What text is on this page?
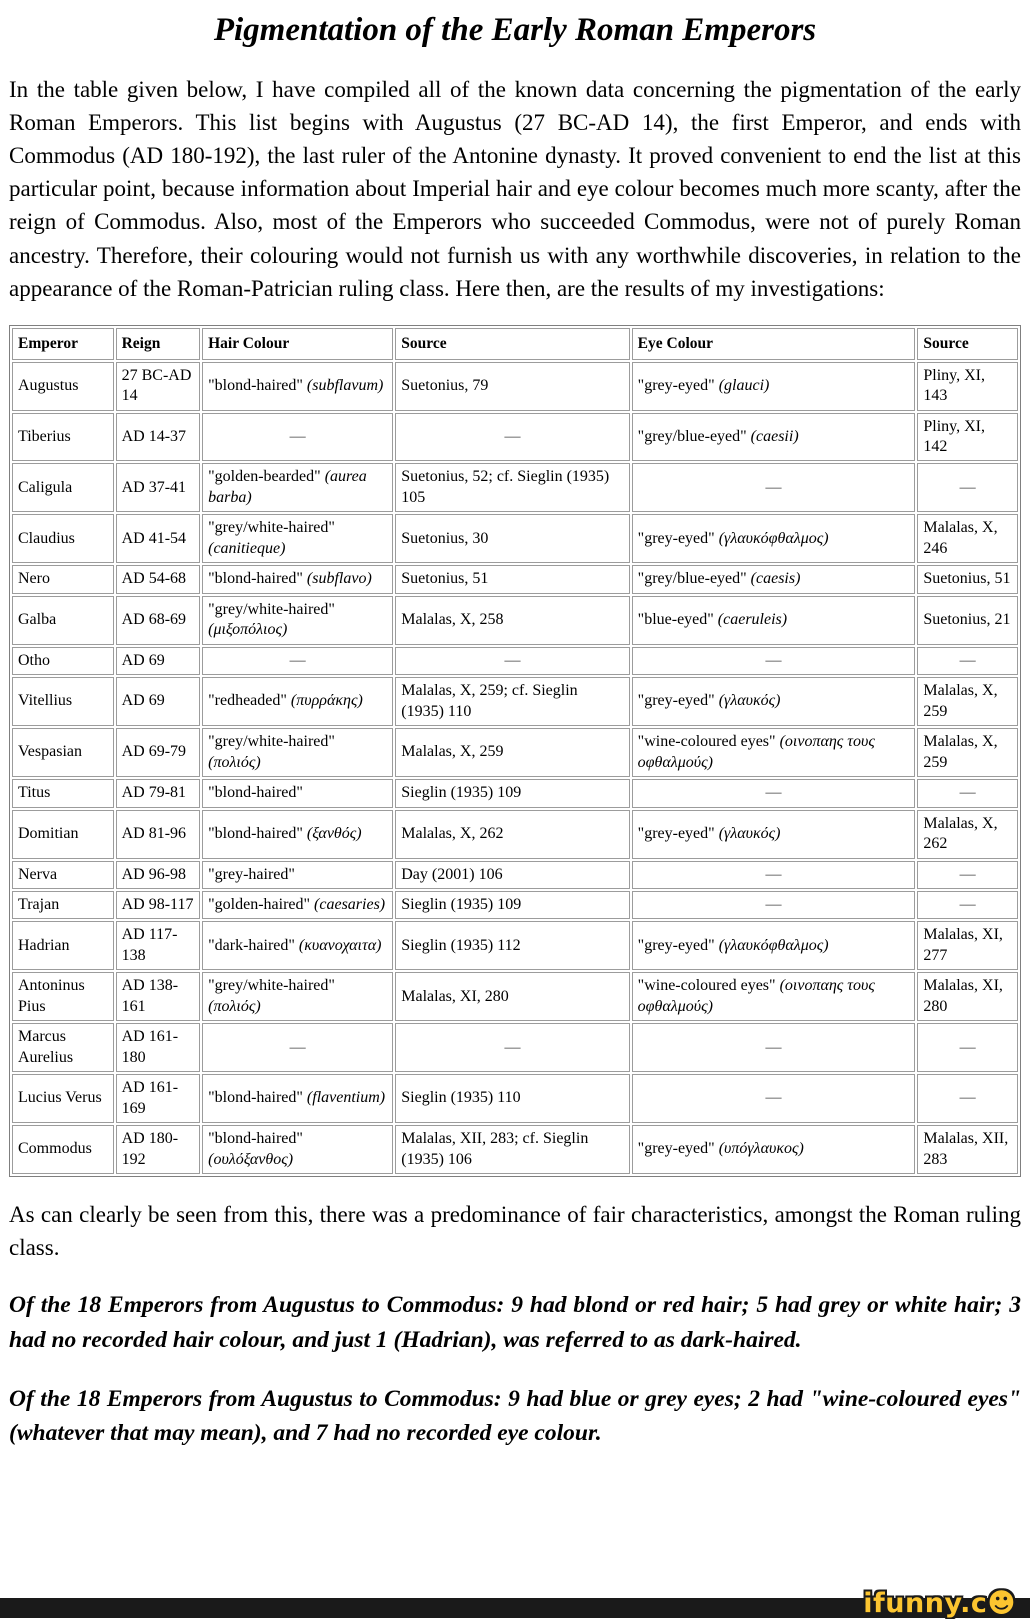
Pigmentation of the Early Roman Emperors

In the table given below, I have compiled all of the known data concerning the pigmentation of the early Roman Emperors. This list begins with Augustus (27 BC-AD 14), the first Emperor, and ends with Commodus (AD 180-192), the last ruler of the Antonine dynasty. It proved convenient to end the list at this particular point, because information about Imperial hair and eye colour becomes much more scanty, after the reign of Commodus. Also, most of the Emperors who succeeded Commodus, were not of purely Roman ancestry. Therefore, their colouring would not furnish us with any worthwhile discoveries, in relation to the appearance of the Roman-Patrician ruling class. Here then, are the results of my investigations:

Emperor	Reign	Hair Colour	Source	Eye Colour	Source
Augustus	27 BC-AD 14	"blond-haired" (subflavum)	Suetonius, 79	"grey-eyed" (glauci)	Pliny, XI, 143
Tiberius	AD 14-37	—	—	"grey/blue-eyed" (caesii)	Pliny, XI, 142
Caligula	AD 37-41	"golden-bearded" (aurea barba)	Suetonius, 52; cf. Sieglin (1935) 105	—	—
Claudius	AD 41-54	"grey/white-haired" (canitieque)	Suetonius, 30	"grey-eyed" (γλαυκόφθαλμος)	Malalas, X, 246
Nero	AD 54-68	"blond-haired" (subflavo)	Suetonius, 51	"grey/blue-eyed" (caesis)	Suetonius, 51
Galba	AD 68-69	"grey/white-haired" (μιξοπόλιος)	Malalas, X, 258	"blue-eyed" (caeruleis)	Suetonius, 21
Otho	AD 69	—	—	—	—
Vitellius	AD 69	"redheaded" (πυρράκης)	Malalas, X, 259; cf. Sieglin (1935) 110	"grey-eyed" (γλαυκός)	Malalas, X, 259
Vespasian	AD 69-79	"grey/white-haired" (πολιός)	Malalas, X, 259	"wine-coloured eyes" (οινοπαης τους οφθαλμούς)	Malalas, X, 259
Titus	AD 79-81	"blond-haired"	Sieglin (1935) 109	—	—
Domitian	AD 81-96	"blond-haired" (ξανθός)	Malalas, X, 262	"grey-eyed" (γλαυκός)	Malalas, X, 262
Nerva	AD 96-98	"grey-haired"	Day (2001) 106	—	—
Trajan	AD 98-117	"golden-haired" (caesaries)	Sieglin (1935) 109	—	—
Hadrian	AD 117-138	"dark-haired" (κυανοχαιτα)	Sieglin (1935) 112	"grey-eyed" (γλαυκόφθαλμος)	Malalas, XI, 277
Antoninus Pius	AD 138-161	"grey/white-haired" (πολιός)	Malalas, XI, 280	"wine-coloured eyes" (οινοπαης τους οφθαλμούς)	Malalas, XI, 280
Marcus Aurelius	AD 161-180	—	—	—	—
Lucius Verus	AD 161-169	"blond-haired" (flaventium)	Sieglin (1935) 110	—	—
Commodus	AD 180-192	"blond-haired" (ουλόξανθος)	Malalas, XII, 283; cf. Sieglin (1935) 106	"grey-eyed" (υπόγλαυκος)	Malalas, XII, 283

As can clearly be seen from this, there was a predominance of fair characteristics, amongst the Roman ruling class.

Of the 18 Emperors from Augustus to Commodus: 9 had blond or red hair; 5 had grey or white hair; 3 had no recorded hair colour, and just 1 (Hadrian), was referred to as dark-haired.

Of the 18 Emperors from Augustus to Commodus: 9 had blue or grey eyes; 2 had "wine-coloured eyes" (whatever that may mean), and 7 had no recorded eye colour.

ifunny.c☻
